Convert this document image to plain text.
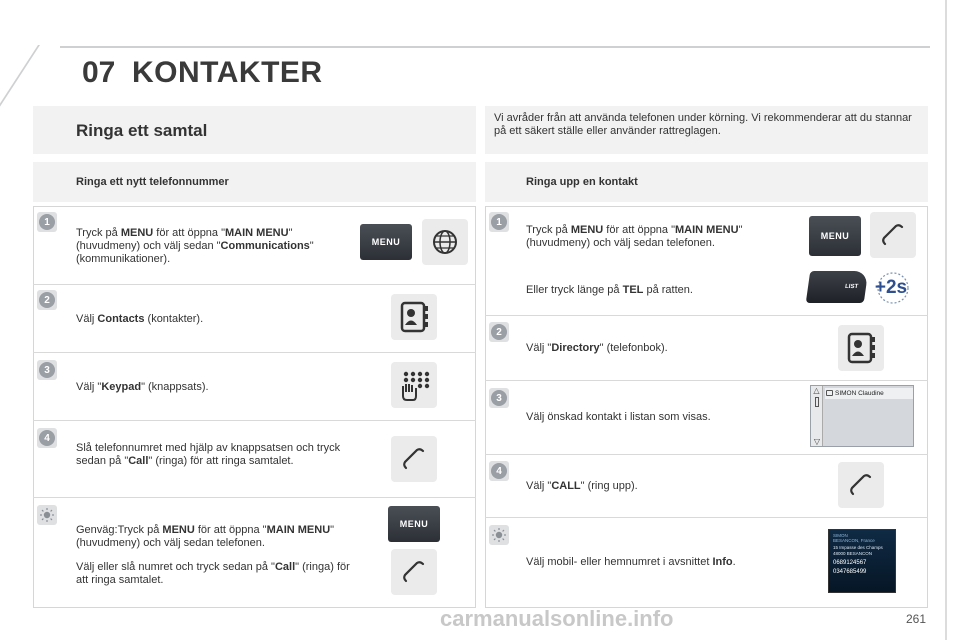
07 KONTAKTER
Ringa ett samtal
Ringa ett nytt telefonnummer
1
Tryck på MENU för att öppna "MAIN MENU" (huvudmeny) och välj sedan "Communications" (kommunikationer).
MENU
2
Välj Contacts (kontakter).
3
Välj "Keypad" (knappsats).
4
Slå telefonnumret med hjälp av knappsatsen och tryck sedan på "Call" (ringa) för att ringa samtalet.
Genväg:Tryck på MENU för att öppna "MAIN MENU" (huvudmeny) och välj sedan telefonen.
Välj eller slå numret och tryck sedan på "Call" (ringa) för att ringa samtalet.
MENU
Vi avråder från att använda telefonen under körning. Vi rekommenderar att du stannar på ett säkert ställe eller använder rattreglagen.
Ringa upp en kontakt
1
Tryck på MENU för att öppna "MAIN MENU" (huvudmeny) och välj sedan telefonen.
MENU
Eller tryck länge på TEL på ratten.	LIST +2s
2
Välj "Directory" (telefonbok).
3
Välj önskad kontakt i listan som visas.
△
▽
SIMON Claudine
4
Välj "CALL" (ring upp).
Välj mobil- eller hemnumret i avsnittet Info.
SIMON
BESANCON, France
15 Impasse des Champs
48000 BESANCON
0689124567
0347685499
carmanualsonline.info	261
